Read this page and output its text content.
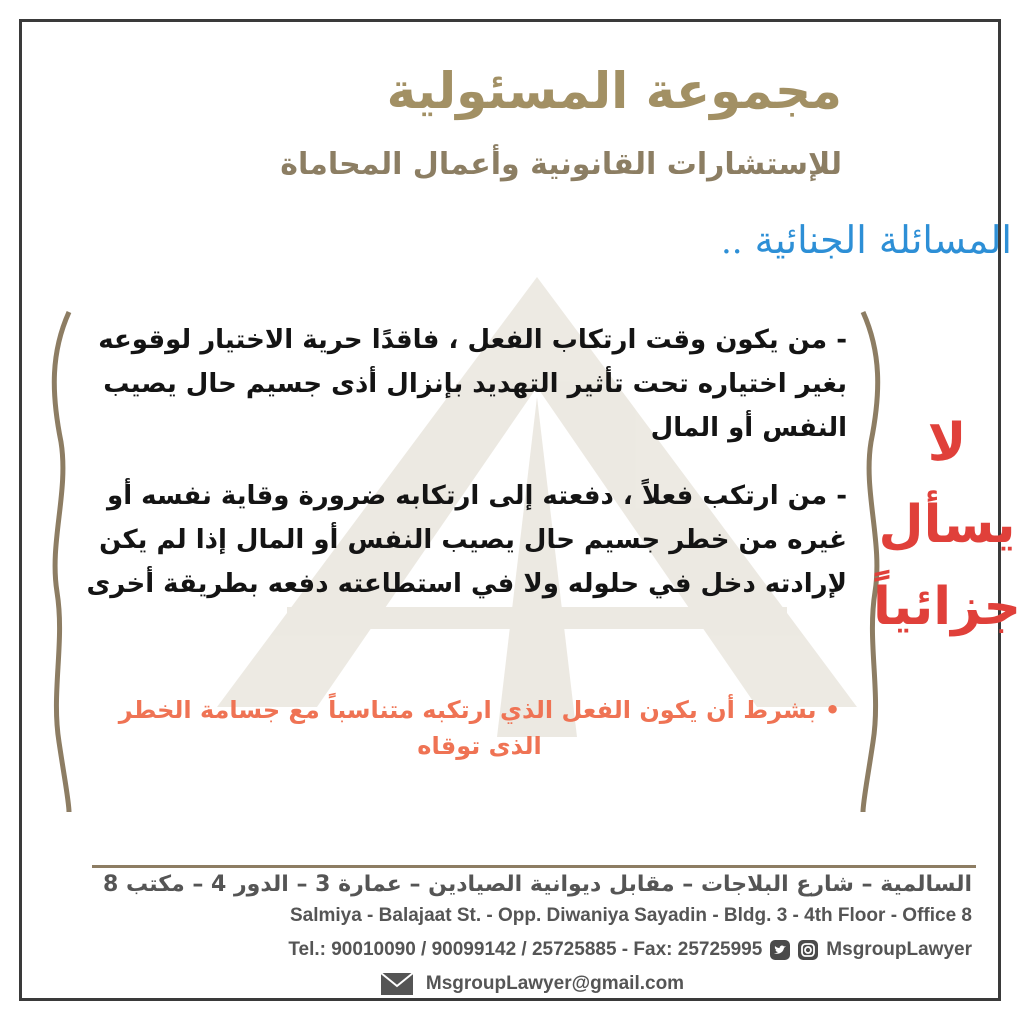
مجموعة المسئولية
للإستشارات القانونية وأعمال المحاماة
المسائلة الجنائية ..

- من يكون وقت ارتكاب الفعل ، فاقدًا حرية الاختيار لوقوعه بغير اختياره تحت تأثير التهديد بإنزال أذى جسيم حال يصيب النفس أو المال

- من ارتكب فعلاً ، دفعته إلى ارتكابه ضرورة وقاية نفسه أو غيره من خطر جسيم حال يصيب النفس أو المال إذا لم يكن لإرادته دخل في حلوله ولا في استطاعته دفعه بطريقة أخرى

• بشرط أن يكون الفعل الذي ارتكبه متناسباً مع جسامة الخطر الذى توقاه
لا
يسأل
جزائياً
السالمية – شارع البلاجات – مقابل ديوانية الصيادين – عمارة 3 – الدور 4 – مكتب 8
Salmiya - Balajaat St. - Opp. Diwaniya Sayadin - Bldg. 3 - 4th Floor - Office 8
Tel.: 90010090 / 90099142 / 25725885 - Fax: 25725995	MsgroupLawyer
MsgroupLawyer@gmail.com
